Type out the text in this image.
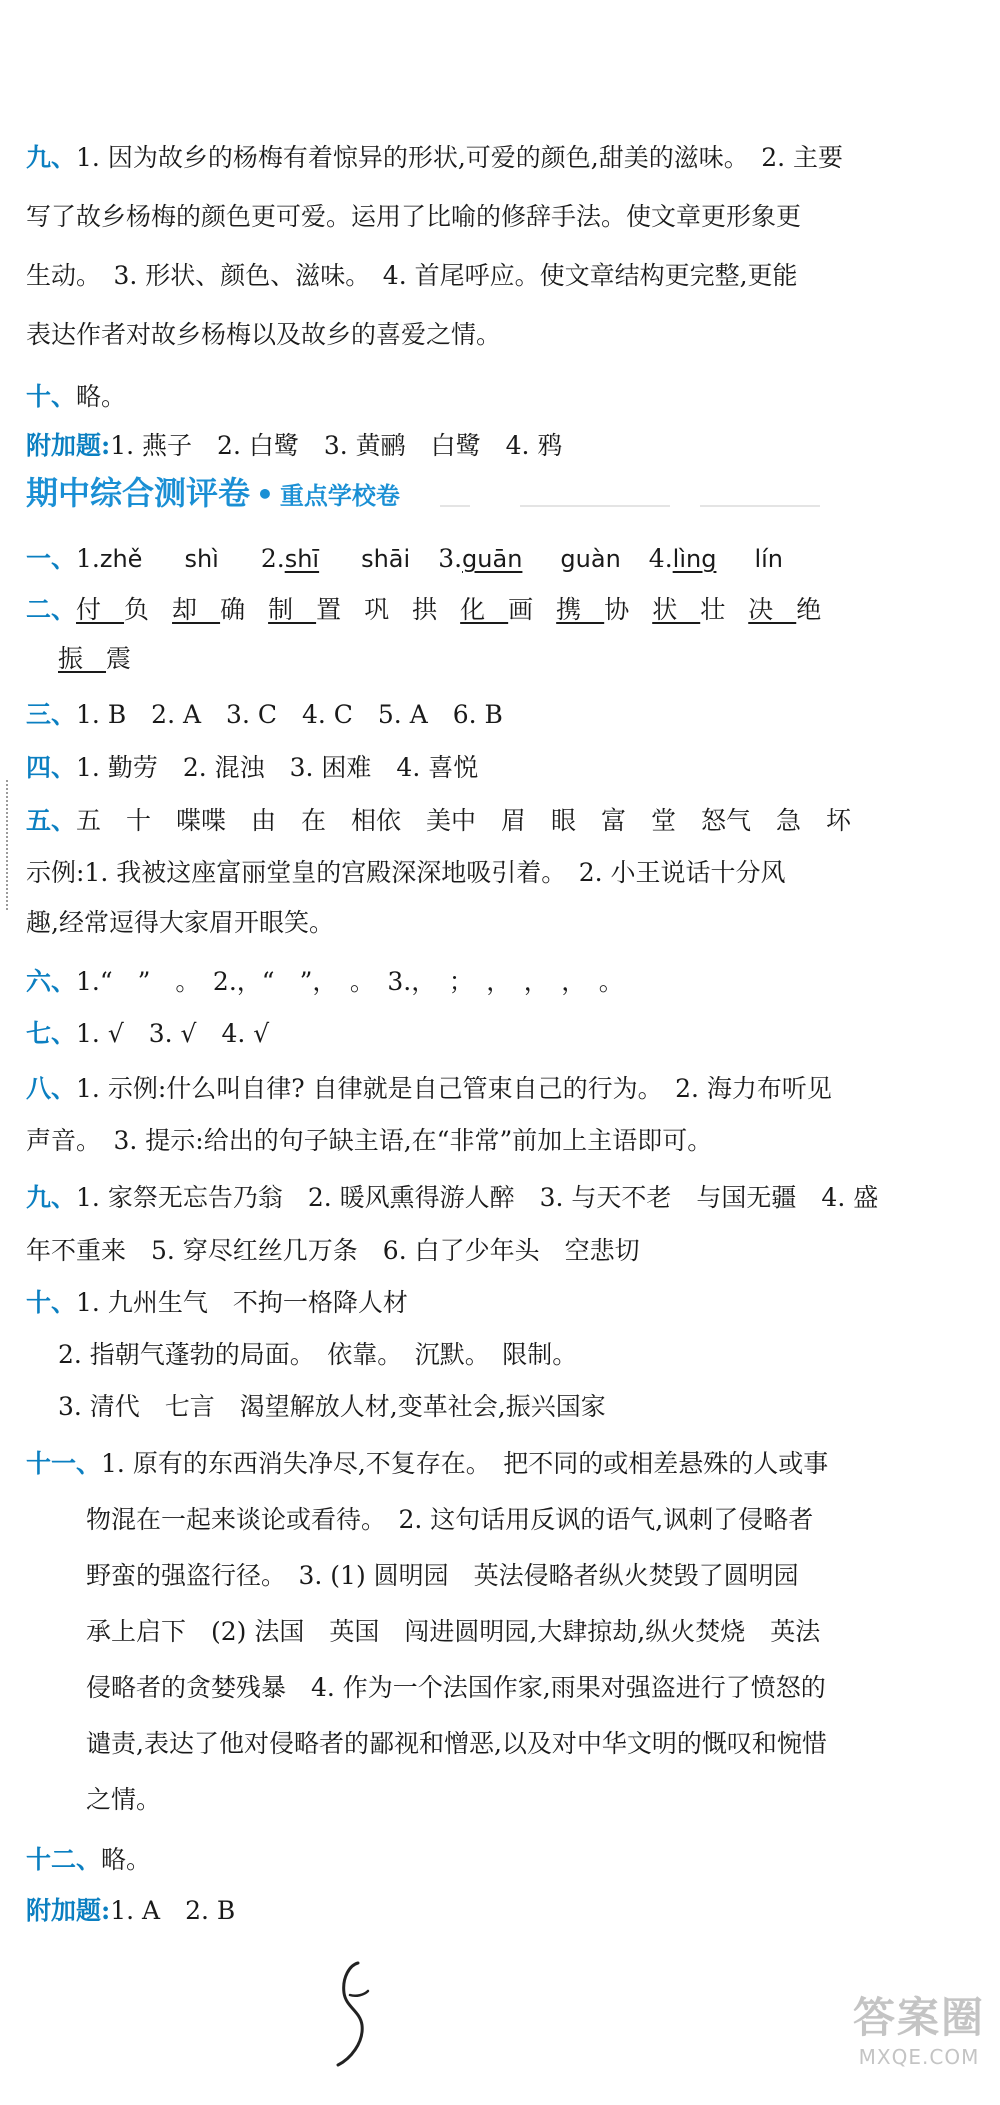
九、1. 因为故乡的杨梅有着惊异的形状,可爱的颜色,甜美的滋味。　2. 主要
写了故乡杨梅的颜色更可爱。运用了比喻的修辞手法。使文章更形象更
生动。　3. 形状、颜色、滋味。　4. 首尾呼应。使文章结构更完整,更能
表达作者对故乡杨梅以及故乡的喜爱之情。
十、略。
附加题:1. 燕子　2. 白鹭　3. 黄鹂　白鹭　4. 鸦
期中综合测评卷 • 重点学校卷
一、1.zhě shì 2.shī shāi 3.guān guàn 4.lìng lín
二、付负却确制置巩拱化画携协状壮决绝
振震
三、1. B　2. A　3. C　4. C　5. A　6. B
四、1. 勤劳　2. 混浊　3. 困难　4. 喜悦
五、五　十　喋喋　由　在　相依　美中　眉　眼　富　堂　怒气　急　坏
示例:1. 我被这座富丽堂皇的宫殿深深地吸引着。　2. 小王说话十分风
趣,经常逗得大家眉开眼笑。
六、1.“　”　。　2.，“　”，　。　3.，　；　，　，　，　。
七、1. √　3. √　4. √
八、1. 示例:什么叫自律? 自律就是自己管束自己的行为。　2. 海力布听见
声音。　3. 提示:给出的句子缺主语,在“非常”前加上主语即可。
九、1. 家祭无忘告乃翁　2. 暖风熏得游人醉　3. 与天不老　与国无疆　4. 盛
年不重来　5. 穿尽红丝几万条　6. 白了少年头　空悲切
十、1. 九州生气　不拘一格降人材
2. 指朝气蓬勃的局面。　依靠。　沉默。　限制。
3. 清代　七言　渴望解放人材,变革社会,振兴国家
十一、1. 原有的东西消失净尽,不复存在。　把不同的或相差悬殊的人或事
物混在一起来谈论或看待。　2. 这句话用反讽的语气,讽刺了侵略者
野蛮的强盗行径。　3. (1) 圆明园　英法侵略者纵火焚毁了圆明园
承上启下　(2) 法国　英国　闯进圆明园,大肆掠劫,纵火焚烧　英法
侵略者的贪婪残暴　4. 作为一个法国作家,雨果对强盗进行了愤怒的
谴责,表达了他对侵略者的鄙视和憎恶,以及对中华文明的慨叹和惋惜
之情。
十二、略。
附加题:1. A　2. B
答案圈
MXQE.COM
